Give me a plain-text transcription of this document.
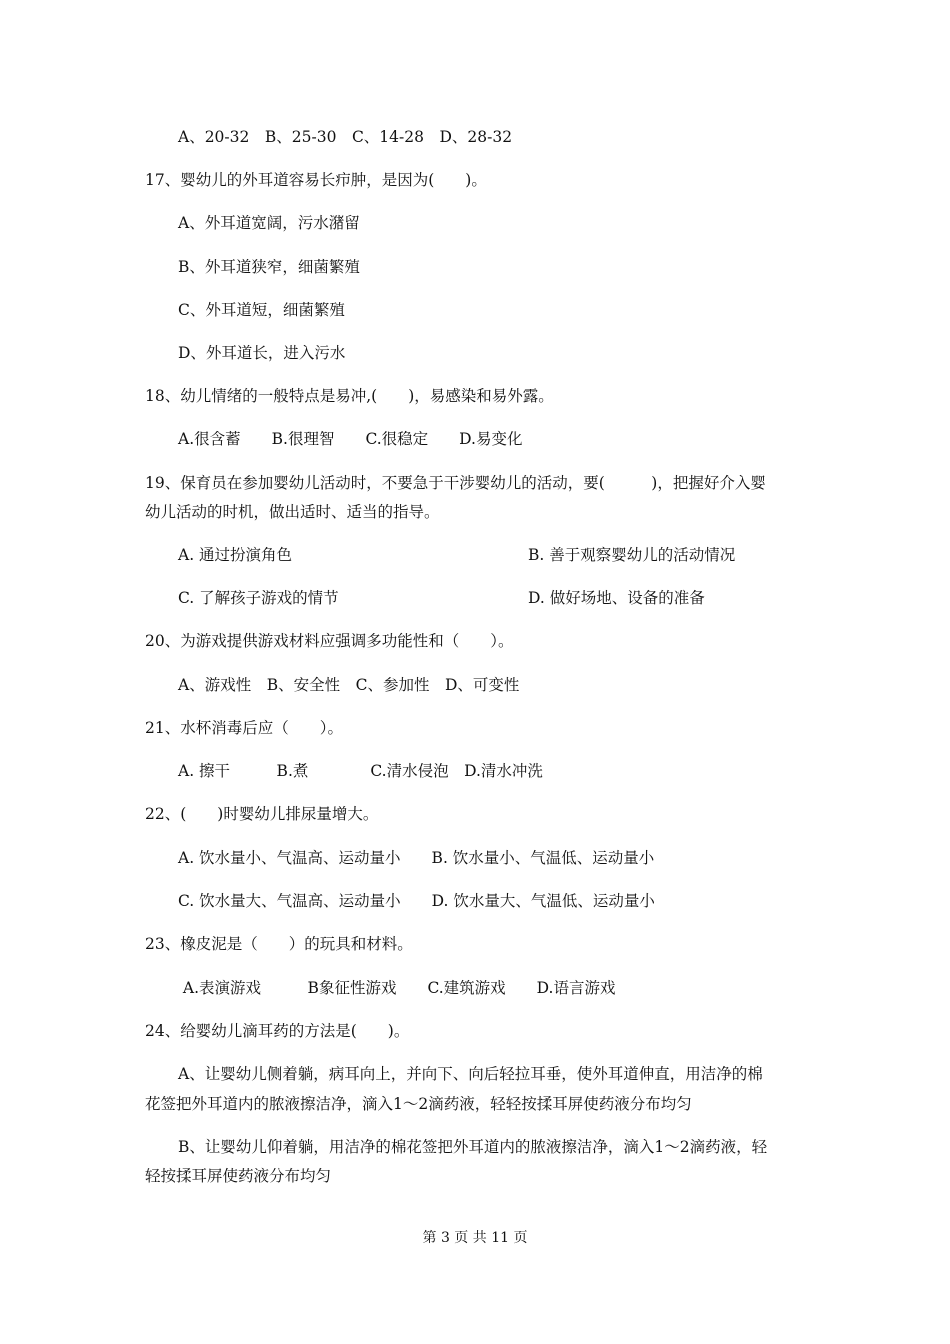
A、20-32　B、25-30　C、14-28　D、28-32
17、婴幼儿的外耳道容易长疖肿，是因为(　　)。
A、外耳道宽阔，污水潴留
B、外耳道狭窄，细菌繁殖
C、外耳道短，细菌繁殖
D、外耳道长，进入污水
18、幼儿情绪的一般特点是易冲,(　　)，易感染和易外露。
A.很含蓄　　B.很理智　　C.很稳定　　D.易变化
19、保育员在参加婴幼儿活动时，不要急于干涉婴幼儿的活动，要(　　　)，把握好介入婴
幼儿活动的时机，做出适时、适当的指导。
A. 通过扮演角色	B. 善于观察婴幼儿的活动情况
C. 了解孩子游戏的情节	D. 做好场地、设备的准备
20、为游戏提供游戏材料应强调多功能性和（　　）。
A、游戏性　B、安全性　C、参加性　D、可变性
21、水杯消毒后应（　　）。
A. 擦干　　　B.煮　　　　C.清水侵泡　D.清水冲洗
22、(　　)时婴幼儿排尿量增大。
A. 饮水量小、气温高、运动量小　　B. 饮水量小、气温低、运动量小
C. 饮水量大、气温高、运动量小　　D. 饮水量大、气温低、运动量小
23、橡皮泥是（　　）的玩具和材料。
A.表演游戏　　　B象征性游戏　　C.建筑游戏　　D.语言游戏
24、给婴幼儿滴耳药的方法是(　　)。
A、让婴幼儿侧着躺，病耳向上，并向下、向后轻拉耳垂，使外耳道伸直，用洁净的棉
花签把外耳道内的脓液擦洁净，滴入1～2滴药液，轻轻按揉耳屏使药液分布均匀
B、让婴幼儿仰着躺，用洁净的棉花签把外耳道内的脓液擦洁净，滴入1～2滴药液，轻
轻按揉耳屏使药液分布均匀
第 3 页 共 11 页
